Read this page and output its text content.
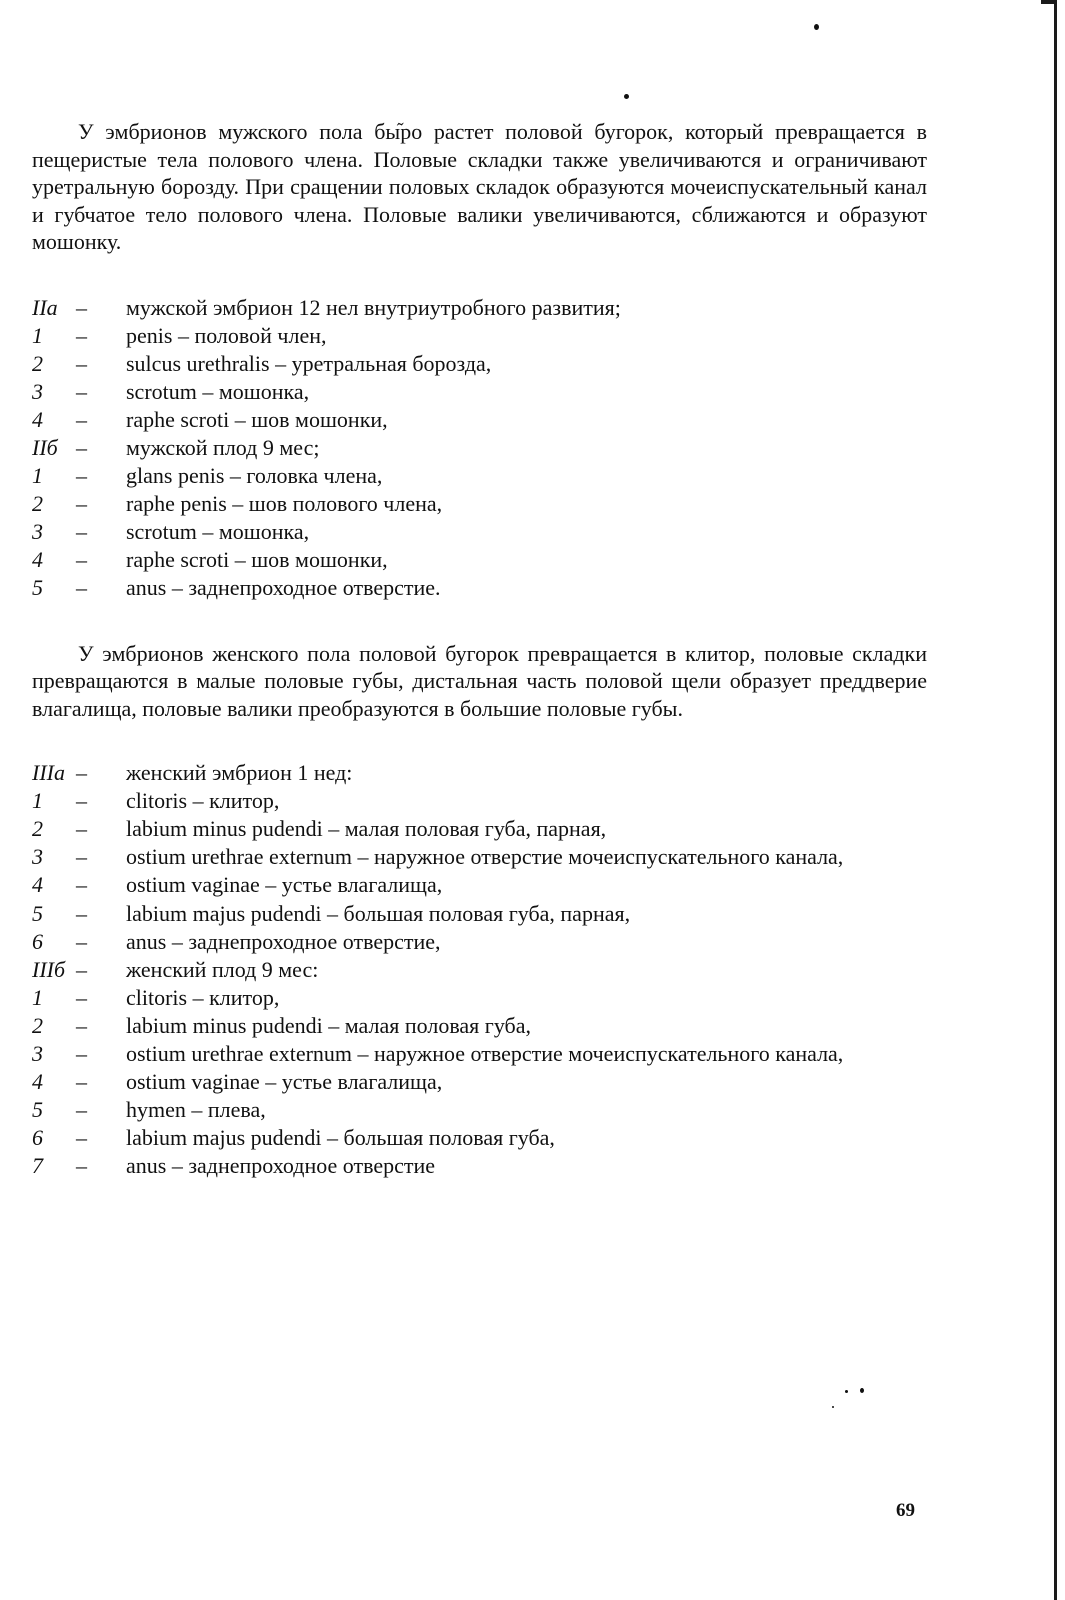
У эмбрионов мужского пола бы᷉ро растет половой бугорок, который превращается в пещеристые тела полового члена. Половые складки также увеличиваются и ограничивают уретральную борозду. При сращении половых складок образуются мочеиспускательный канал и губчатое тело полового члена. Половые валики увеличиваются, сближаются и образуют мошонку.

IIa –	мужской эмбрион 12 нел внутриутробного развития;
1	–	penis – половой член,
2	–	sulcus urethralis – уретральная борозда,
3	–	scrotum – мошонка,
4	–	raphe scroti – шов мошонки,
IIб –	мужской плод 9 мес;
1	–	glans penis – головка члена,
2	–	raphe penis – шов полового члена,
3	–	scrotum – мошонка,
4	–	raphe scroti – шов мошонки,
5	–	anus – заднепроходное отверстие.

У эмбрионов женского пола половой бугорок превращается в клитор, половые складки превращаются в малые половые губы, дистальная часть половой щели образует преддверие влагалища, половые валики преобразуются в большие половые губы.

IIIa –	женский эмбрион 1 нед:
1	–	clitoris – клитор,
2	–	labium minus pudendi – малая половая губа, парная,
3	–	ostium urethrae externum – наружное отверстие мочеиспускательного канала,
4	–	ostium vaginae – устье влагалища,
5	–	labium majus pudendi – большая половая губа, парная,
6	–	anus – заднепроходное отверстие,
IIIб –	женский плод 9 мес:
1	–	clitoris – клитор,
2	–	labium minus pudendi – малая половая губа,
3	–	ostium urethrae externum – наружное отверстие мочеиспускательного канала,
4	–	ostium vaginae – устье влагалища,
5	–	hymen – плева,
6	–	labium majus pudendi – большая половая губа,
7	–	anus – заднепроходное отверстие
69
